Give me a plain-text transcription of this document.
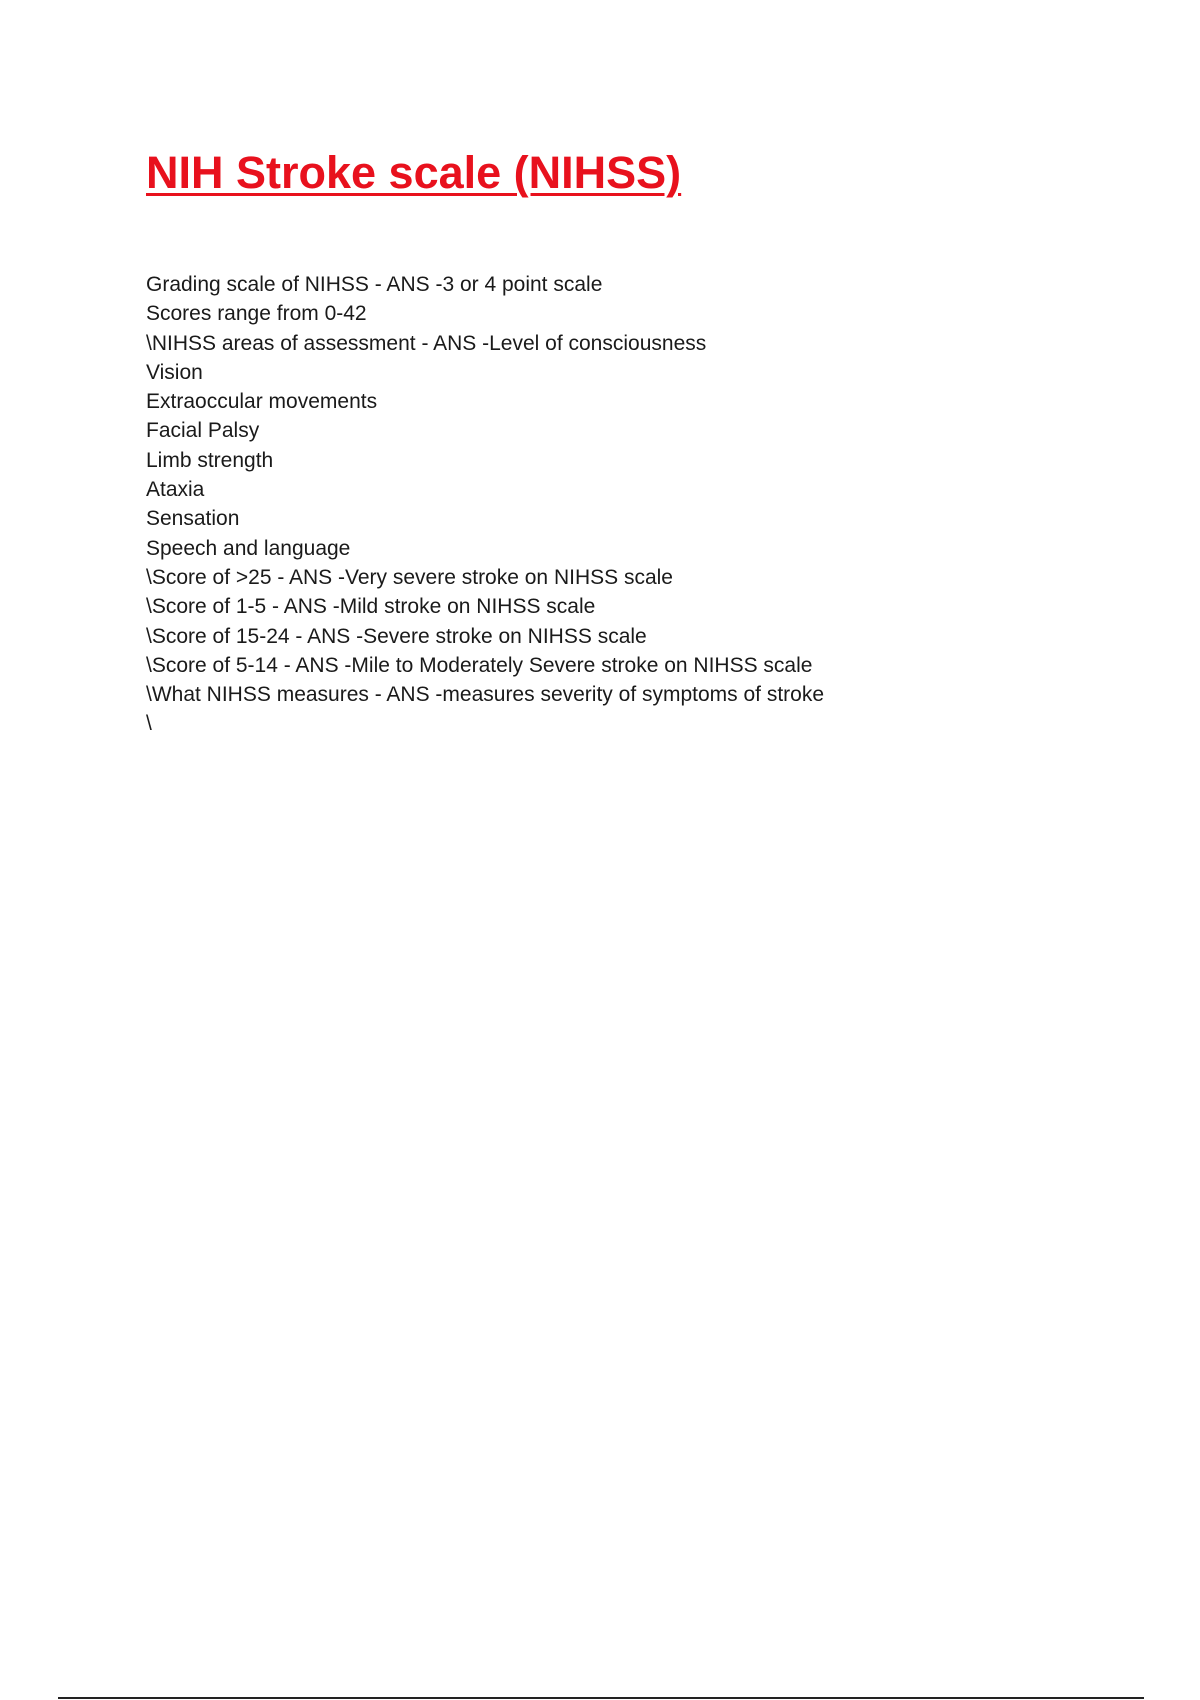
NIH Stroke scale (NIHSS)
Grading scale of NIHSS - ANS -3 or 4 point scale
Scores range from 0-42
\NIHSS areas of assessment - ANS -Level of consciousness
Vision
Extraoccular movements
Facial Palsy
Limb strength
Ataxia
Sensation
Speech and language
\Score of >25 - ANS -Very severe stroke on NIHSS scale
\Score of 1-5 - ANS -Mild stroke on NIHSS scale
\Score of 15-24 - ANS -Severe stroke on NIHSS scale
\Score of 5-14 - ANS -Mile to Moderately Severe stroke on NIHSS scale
\What NIHSS measures - ANS -measures severity of symptoms of stroke
\
